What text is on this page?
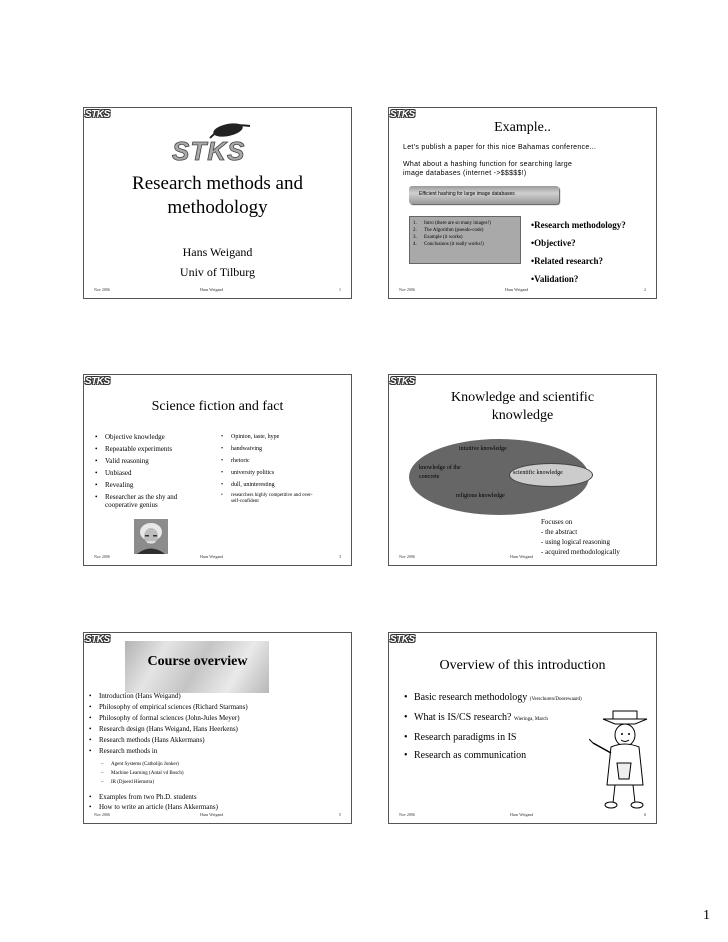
STKS
STKS
Research methods and
methodology
Hans Weigand
Univ of Tilburg
Nov 2006	Hans Weigand	1
STKS
Example..
Let’s publish a paper for this nice Bahamas conference...
What about a hashing function for searching large
image databases (internet ->$$$$$!)
Efficient hashing for large image databases
1. Intro (there are so many images!)
2. The Algorithm (pseudo-code)
3. Example (it works)
4. Conclusions (it really works!)
•Research methodology?
•Objective?
•Related research?
•Validation?
Nov 2006	Hans Weigand	2
STKS
Science fiction and fact
• Objective knowledge
• Repeatable experiments
• Valid reasoning
• Unbiased
• Revealing
• Researcher as the shy and cooperative genius
• Opinion, taste, hype
• handwaiving
• rhetoric
• university politics
• dull, uninteresting
• researchers highly competitive and over-self-confident
Nov 2006	Hans Weigand	3
STKS
Knowledge and scientific
knowledge
intuitive knowledge
knowledge of the
concrete
scientific knowledge
religious knowledge
Focuses on
- the abstract
- using logical reasoning
- acquired methodologically
Nov 2006	Hans Weigand
STKS
Course overview
• Introduction (Hans Weigand)
• Philosophy of empirical sciences (Richard Starmans)
• Philosophy of formal sciences (John-Jules Meyer)
• Research design (Hans Weigand, Hans Heerkens)
• Research methods (Hans Akkermans)
• Research methods in
– Agent Systems (Catholijn Jonker)
– Machine Learning (Antal vd Bosch)
– IR (Djoerd Hiemstra)
• Examples from two Ph.D. students
• How to write an article (Hans Akkermans)
Nov 2006	Hans Weigand	5
STKS
Overview of this introduction
• Basic research methodology (Verschuren/Doorewaard)
• What is IS/CS research? Wieringa, March
• Research paradigms in IS
• Research as communication
Nov 2006	Hans Weigand	6
1
